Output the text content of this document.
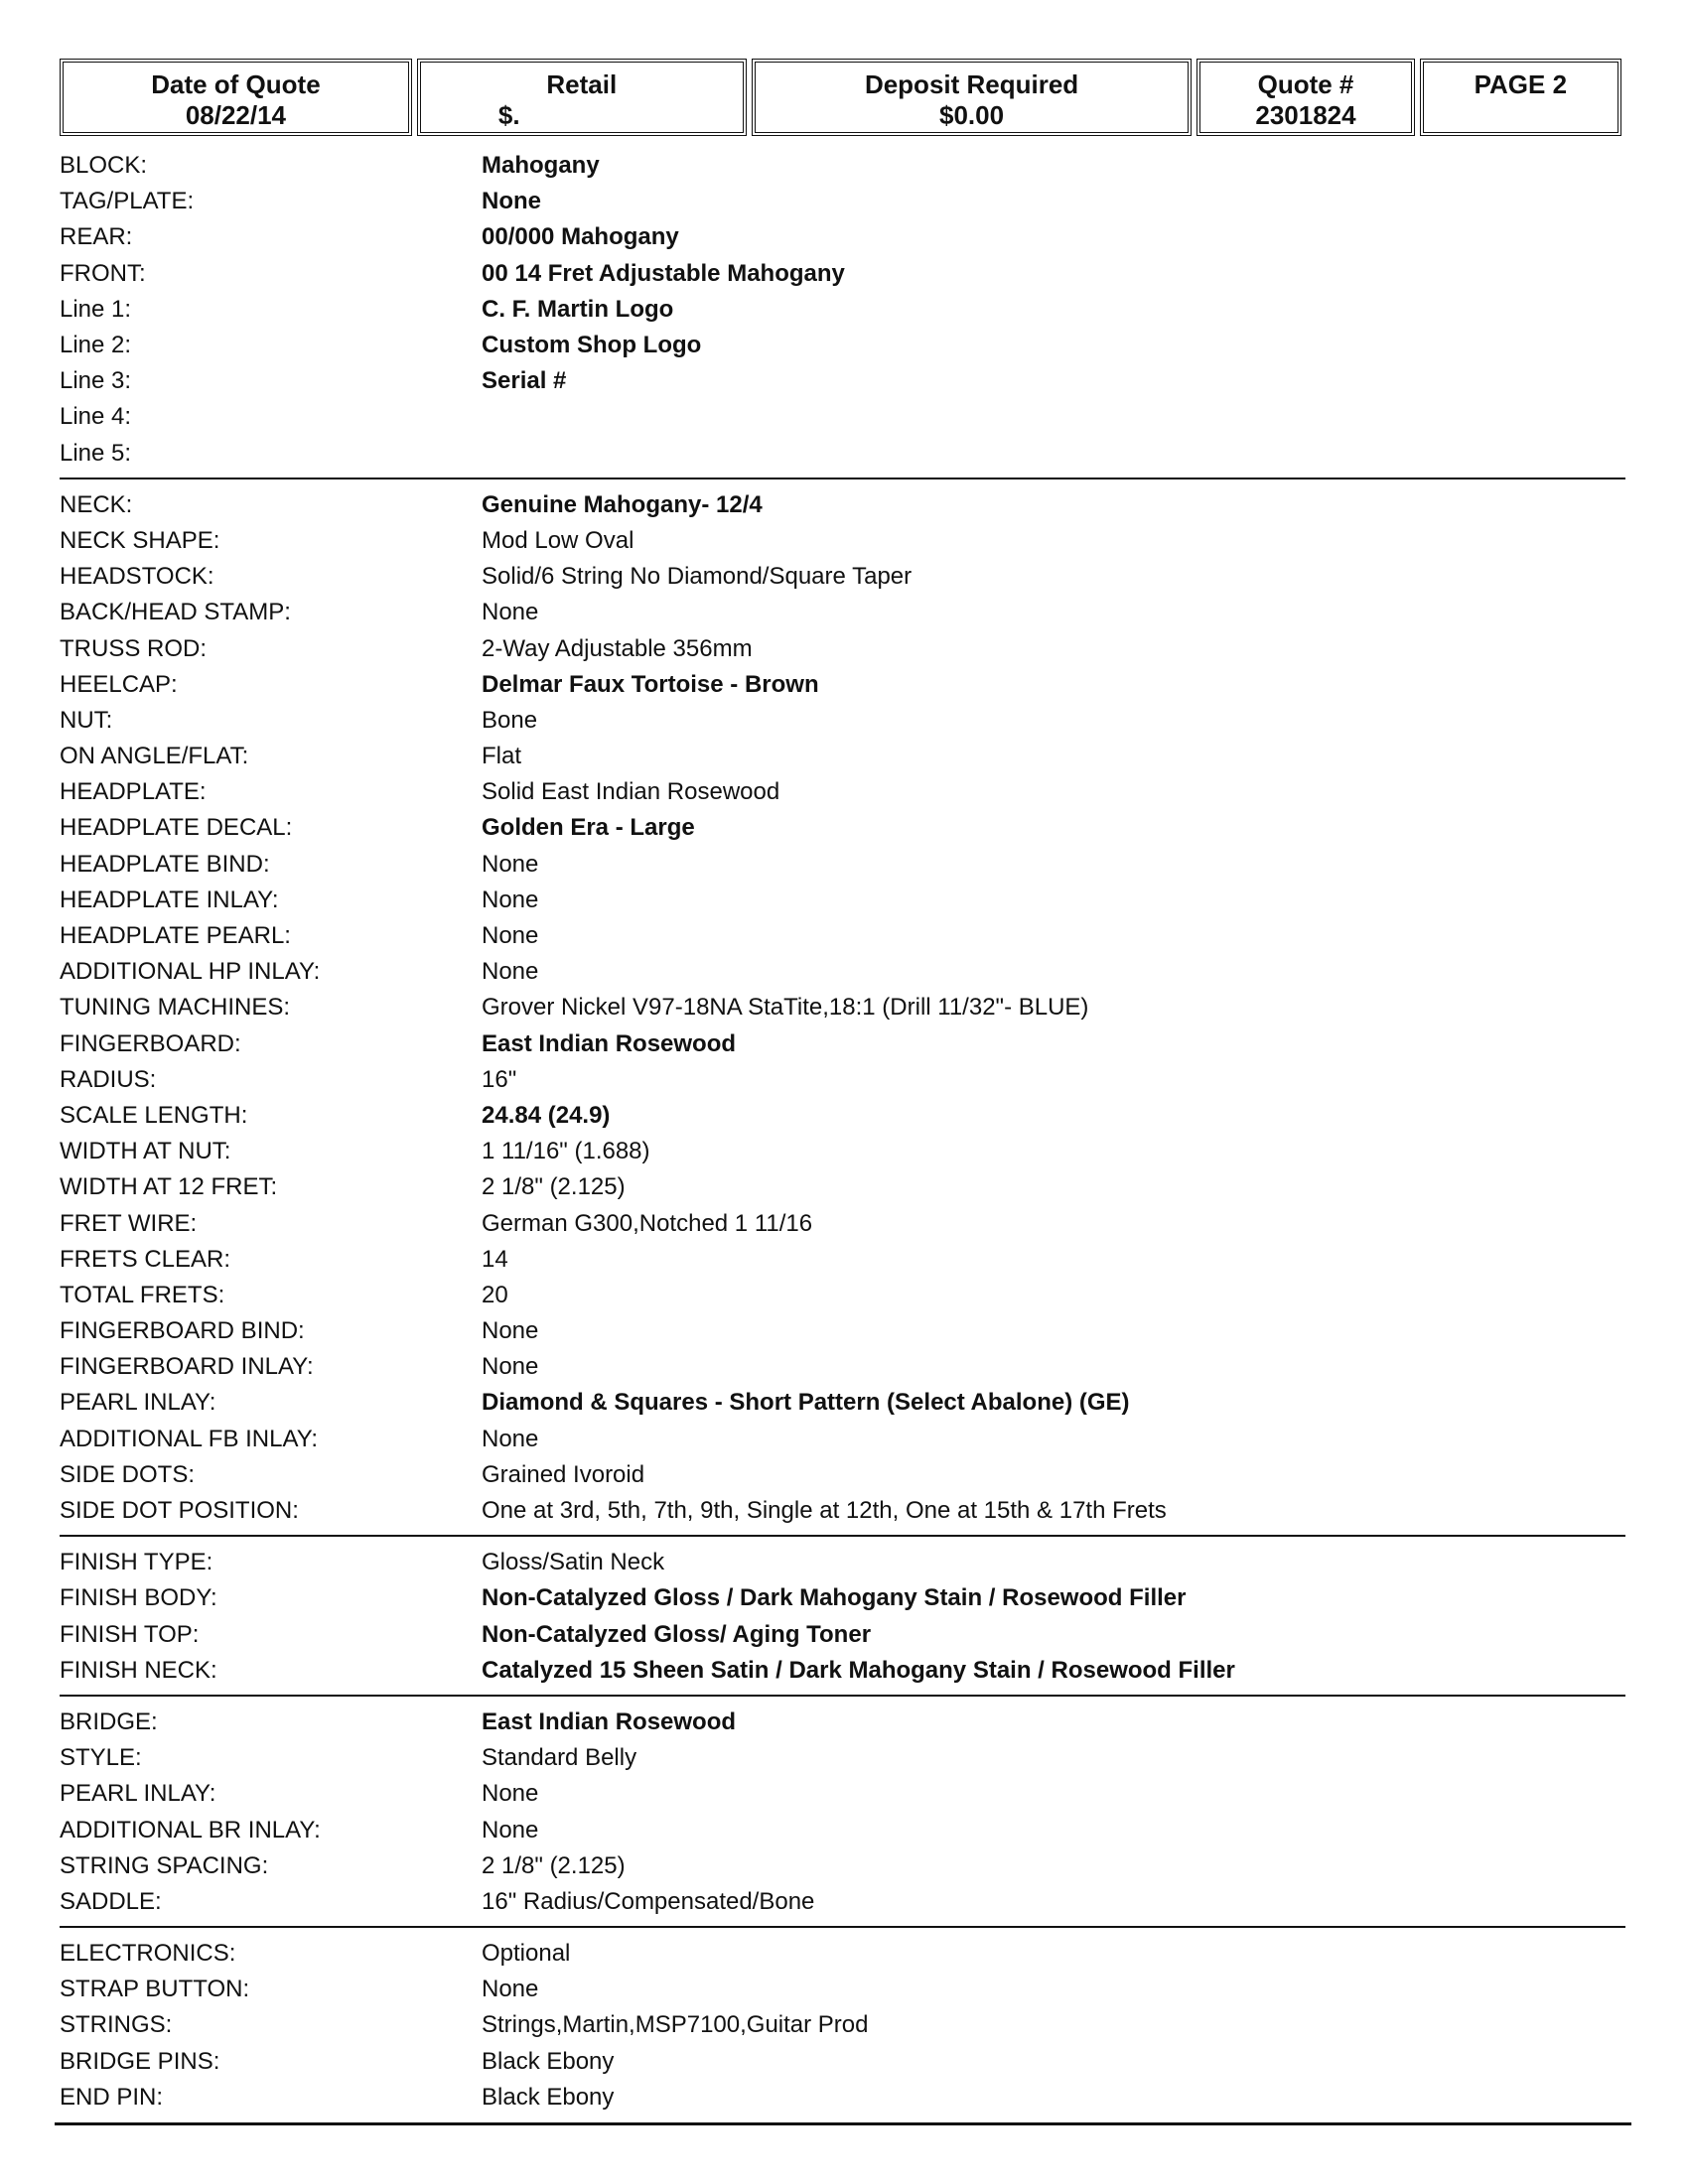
Date of Quote
08/22/14
Retail
$.
Deposit Required
$0.00
Quote #
2301824
PAGE 2
BLOCK:	Mahogany
TAG/PLATE:	None
REAR:	00/000 Mahogany
FRONT:	00 14 Fret Adjustable Mahogany
Line 1:	C. F. Martin Logo
Line 2:	Custom Shop Logo
Line 3:	Serial #
Line 4:
Line 5:
NECK:	Genuine Mahogany- 12/4
NECK SHAPE:	Mod Low Oval
HEADSTOCK:	Solid/6 String No Diamond/Square Taper
BACK/HEAD STAMP:	None
TRUSS ROD:	2-Way Adjustable 356mm
HEELCAP:	Delmar Faux Tortoise - Brown
NUT:	Bone
ON ANGLE/FLAT:	Flat
HEADPLATE:	Solid East Indian Rosewood
HEADPLATE DECAL:	Golden Era - Large
HEADPLATE BIND:	None
HEADPLATE INLAY:	None
HEADPLATE PEARL:	None
ADDITIONAL HP INLAY:	None
TUNING MACHINES:	Grover Nickel V97-18NA StaTite,18:1 (Drill 11/32"- BLUE)
FINGERBOARD:	East Indian Rosewood
RADIUS:	16"
SCALE LENGTH:	24.84 (24.9)
WIDTH AT NUT:	1 11/16" (1.688)
WIDTH AT 12 FRET:	2 1/8" (2.125)
FRET WIRE:	German G300,Notched 1 11/16
FRETS CLEAR:	14
TOTAL FRETS:	20
FINGERBOARD BIND:	None
FINGERBOARD INLAY:	None
PEARL INLAY:	Diamond & Squares - Short Pattern (Select Abalone) (GE)
ADDITIONAL FB INLAY:	None
SIDE DOTS:	Grained Ivoroid
SIDE DOT POSITION:	One at 3rd, 5th, 7th, 9th, Single at 12th, One at 15th & 17th Frets
FINISH TYPE:	Gloss/Satin Neck
FINISH BODY:	Non-Catalyzed Gloss / Dark Mahogany Stain / Rosewood Filler
FINISH TOP:	Non-Catalyzed Gloss/ Aging Toner
FINISH NECK:	Catalyzed 15 Sheen Satin / Dark Mahogany Stain / Rosewood Filler
BRIDGE:	East Indian Rosewood
STYLE:	Standard Belly
PEARL INLAY:	None
ADDITIONAL BR INLAY:	None
STRING SPACING:	2 1/8" (2.125)
SADDLE:	16" Radius/Compensated/Bone
ELECTRONICS:	Optional
STRAP BUTTON:	None
STRINGS:	Strings,Martin,MSP7100,Guitar Prod
BRIDGE PINS:	Black Ebony
END PIN:	Black Ebony
